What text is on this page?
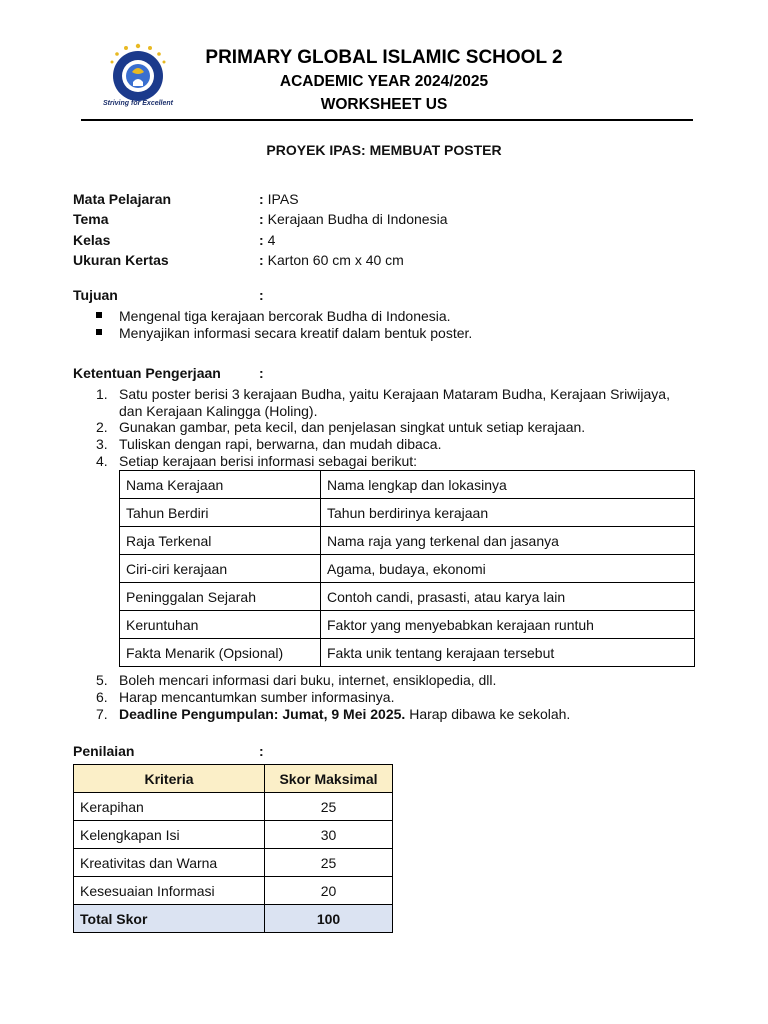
PRIMARY GLOBAL ISLAMIC SCHOOL 2
ACADEMIC YEAR 2024/2025
WORKSHEET US
Striving for Excellent
PROYEK IPAS: MEMBUAT POSTER
Mata Pelajaran	: IPAS
Tema	: Kerajaan Budha di Indonesia
Kelas	: 4
Ukuran Kertas	: Karton 60 cm x 40 cm
Tujuan	:
Mengenal tiga kerajaan bercorak Budha di Indonesia.
Menyajikan informasi secara kreatif dalam bentuk poster.
Ketentuan Pengerjaan	:
1. Satu poster berisi 3 kerajaan Budha, yaitu Kerajaan Mataram Budha, Kerajaan Sriwijaya, dan Kerajaan Kalingga (Holing).
2. Gunakan gambar, peta kecil, dan penjelasan singkat untuk setiap kerajaan.
3. Tuliskan dengan rapi, berwarna, dan mudah dibaca.
4. Setiap kerajaan berisi informasi sebagai berikut:
Nama Kerajaan	Nama lengkap dan lokasinya
Tahun Berdiri	Tahun berdirinya kerajaan
Raja Terkenal	Nama raja yang terkenal dan jasanya
Ciri-ciri kerajaan	Agama, budaya, ekonomi
Peninggalan Sejarah	Contoh candi, prasasti, atau karya lain
Keruntuhan	Faktor yang menyebabkan kerajaan runtuh
Fakta Menarik (Opsional)	Fakta unik tentang kerajaan tersebut
5. Boleh mencari informasi dari buku, internet, ensiklopedia, dll.
6. Harap mencantumkan sumber informasinya.
7. Deadline Pengumpulan: Jumat, 9 Mei 2025. Harap dibawa ke sekolah.
Penilaian	:
Kriteria	Skor Maksimal
Kerapihan	25
Kelengkapan Isi	30
Kreativitas dan Warna	25
Kesesuaian Informasi	20
Total Skor	100
